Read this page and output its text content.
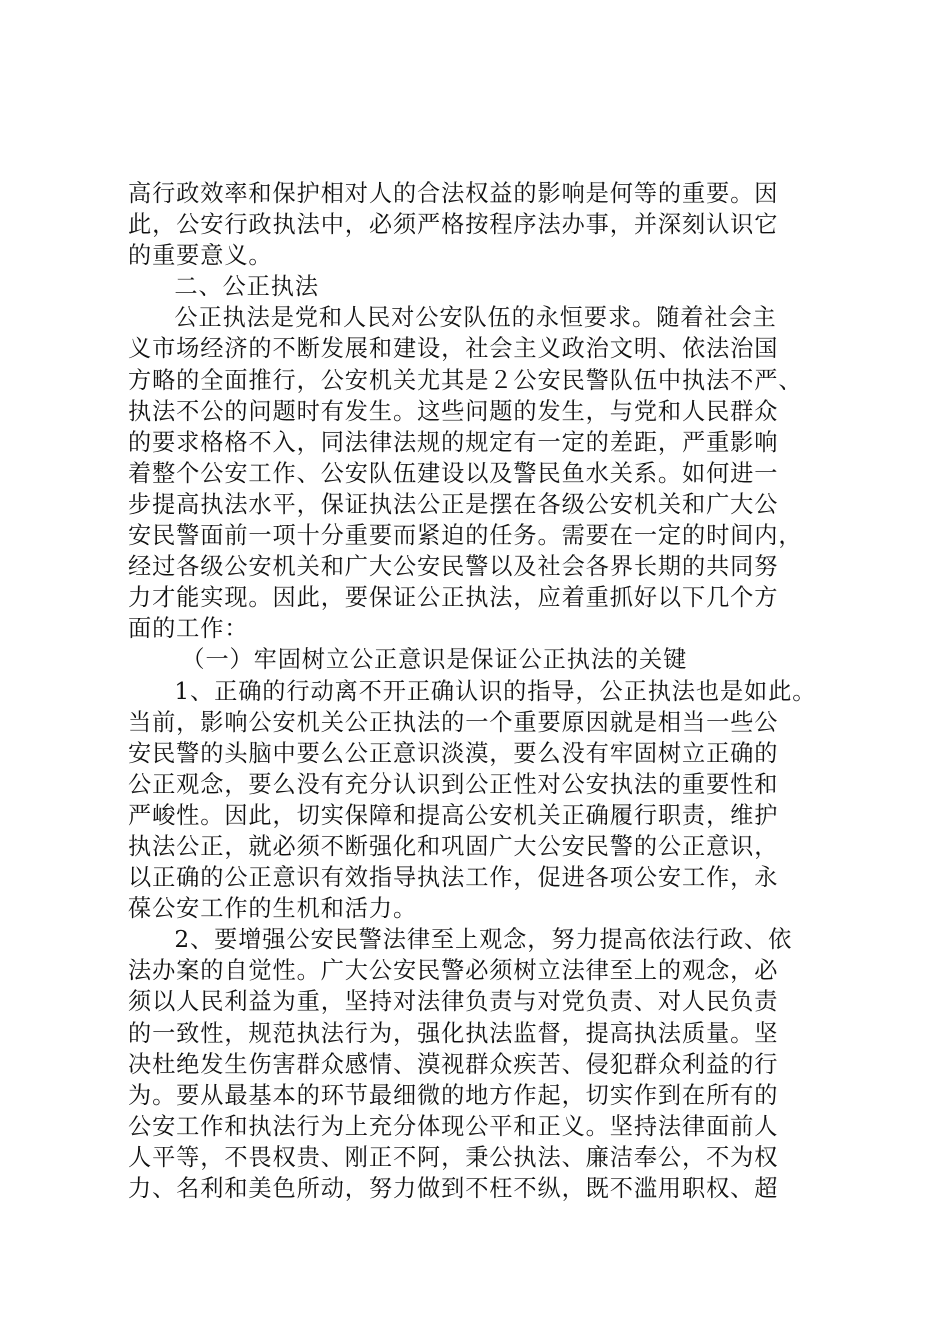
高行政效率和保护相对人的合法权益的影响是何等的重要。因
此，公安行政执法中，必须严格按程序法办事，并深刻认识它
的重要意义。
二、公正执法
公正执法是党和人民对公安队伍的永恒要求。随着社会主
义市场经济的不断发展和建设，社会主义政治文明、依法治国
方略的全面推行，公安机关尤其是２公安民警队伍中执法不严、
执法不公的问题时有发生。这些问题的发生，与党和人民群众
的要求格格不入，同法律法规的规定有一定的差距，严重影响
着整个公安工作、公安队伍建设以及警民鱼水关系。如何进一
步提高执法水平，保证执法公正是摆在各级公安机关和广大公
安民警面前一项十分重要而紧迫的任务。需要在一定的时间内，
经过各级公安机关和广大公安民警以及社会各界长期的共同努
力才能实现。因此，要保证公正执法，应着重抓好以下几个方
面的工作：
（一）牢固树立公正意识是保证公正执法的关键
1、正确的行动离不开正确认识的指导，公正执法也是如此。
当前，影响公安机关公正执法的一个重要原因就是相当一些公
安民警的头脑中要么公正意识淡漠，要么没有牢固树立正确的
公正观念，要么没有充分认识到公正性对公安执法的重要性和
严峻性。因此，切实保障和提高公安机关正确履行职责，维护
执法公正，就必须不断强化和巩固广大公安民警的公正意识，
以正确的公正意识有效指导执法工作，促进各项公安工作，永
葆公安工作的生机和活力。
2、要增强公安民警法律至上观念，努力提高依法行政、依
法办案的自觉性。广大公安民警必须树立法律至上的观念，必
须以人民利益为重，坚持对法律负责与对党负责、对人民负责
的一致性，规范执法行为，强化执法监督，提高执法质量。坚
决杜绝发生伤害群众感情、漠视群众疾苦、侵犯群众利益的行
为。要从最基本的环节最细微的地方作起，切实作到在所有的
公安工作和执法行为上充分体现公平和正义。坚持法律面前人
人平等，不畏权贵、刚正不阿，秉公执法、廉洁奉公，不为权
力、名利和美色所动，努力做到不枉不纵，既不滥用职权、超
